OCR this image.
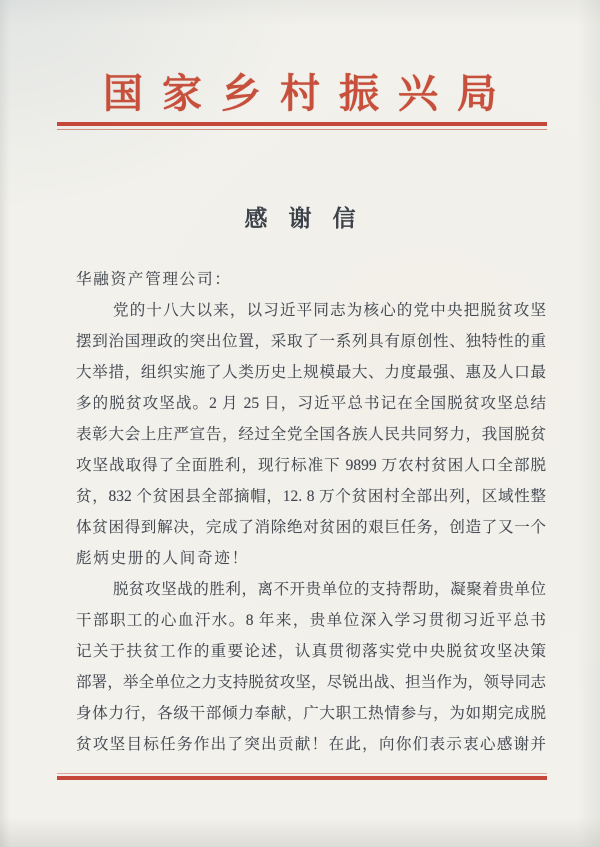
国家乡村振兴局
感谢信
华融资产管理公司：
党的十八大以来，以习近平同志为核心的党中央把脱贫攻坚
摆到治国理政的突出位置，采取了一系列具有原创性、独特性的重
大举措，组织实施了人类历史上规模最大、力度最强、惠及人口最
多的脱贫攻坚战。2 月 25 日，习近平总书记在全国脱贫攻坚总结
表彰大会上庄严宣告，经过全党全国各族人民共同努力，我国脱贫
攻坚战取得了全面胜利，现行标准下 9899 万农村贫困人口全部脱
贫，832 个贫困县全部摘帽，12. 8 万个贫困村全部出列，区域性整
体贫困得到解决，完成了消除绝对贫困的艰巨任务，创造了又一个
彪炳史册的人间奇迹！
脱贫攻坚战的胜利，离不开贵单位的支持帮助，凝聚着贵单位
干部职工的心血汗水。8 年来，贵单位深入学习贯彻习近平总书
记关于扶贫工作的重要论述，认真贯彻落实党中央脱贫攻坚决策
部署，举全单位之力支持脱贫攻坚，尽锐出战、担当作为，领导同志
身体力行，各级干部倾力奉献，广大职工热情参与，为如期完成脱
贫攻坚目标任务作出了突出贡献！在此，向你们表示衷心感谢并
